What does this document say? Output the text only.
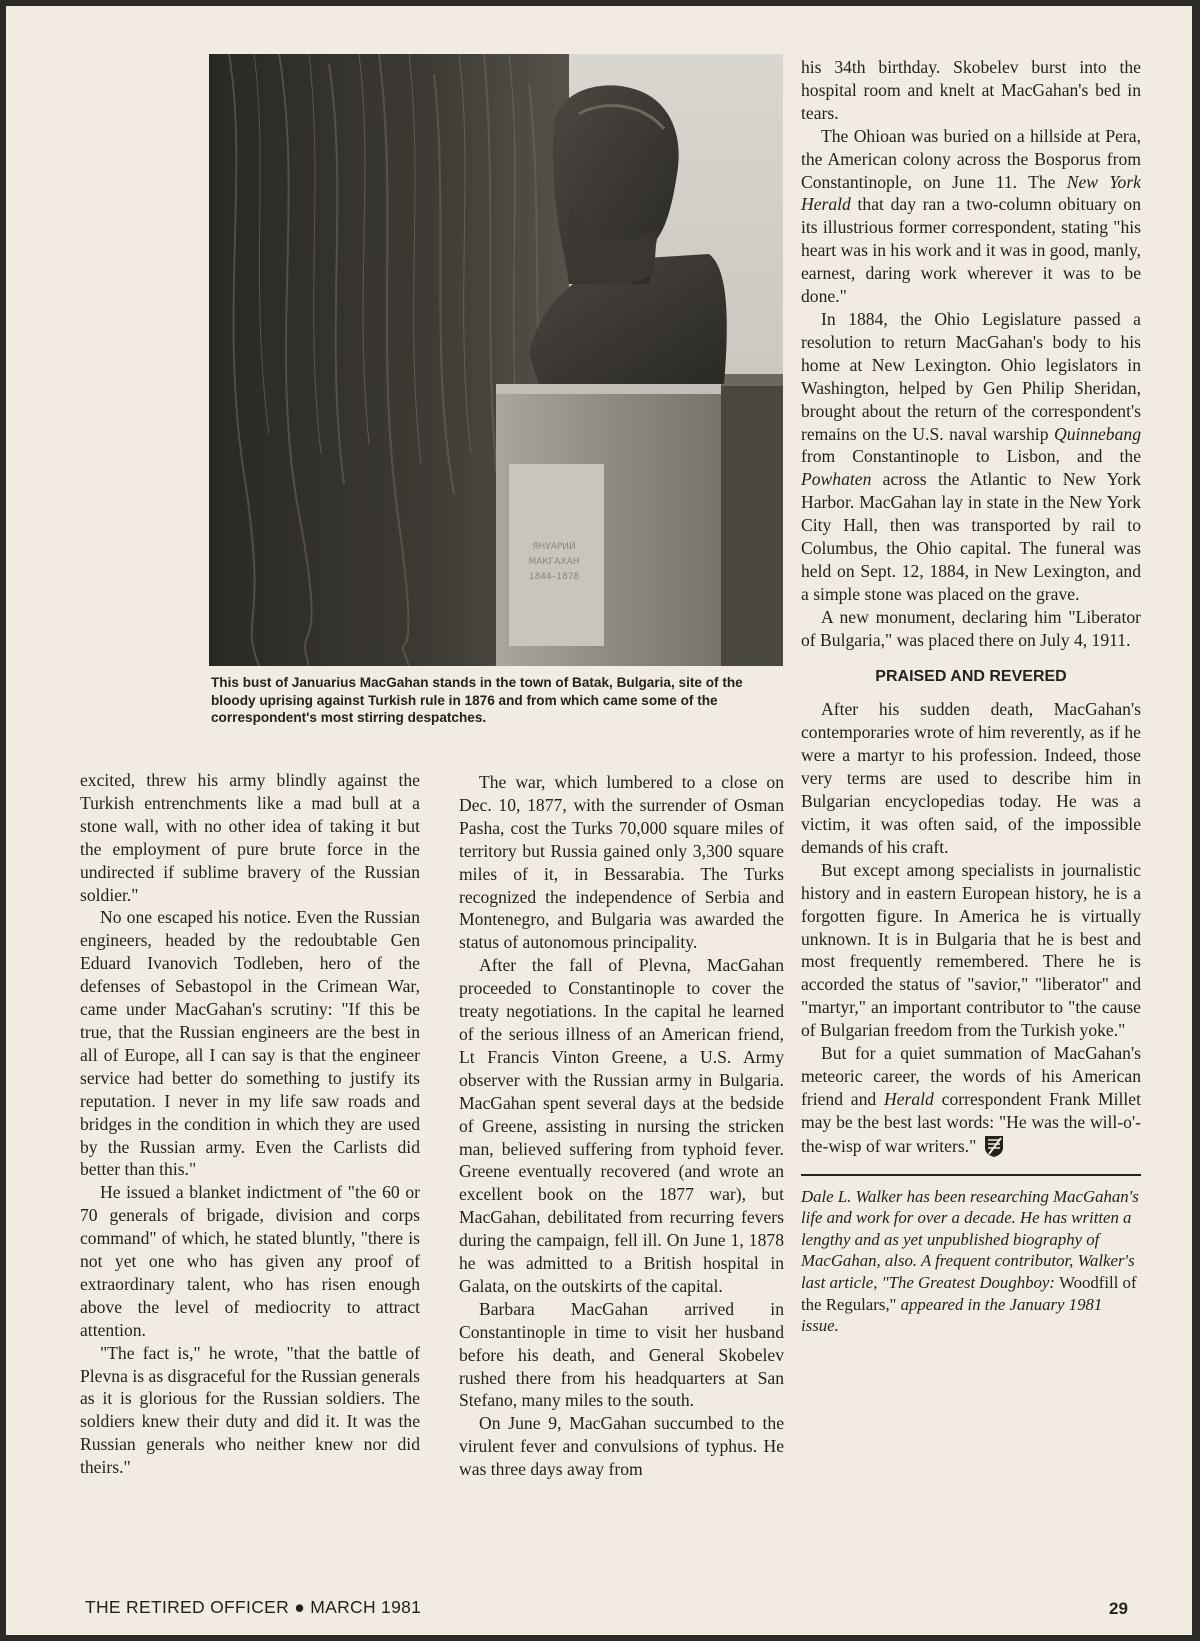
ЯНУАРИЙ
МАКГАХАН
1844–1878
This bust of Januarius MacGahan stands in the town of Batak, Bulgaria, site of the bloody uprising against Turkish rule in 1876 and from which came some of the correspondent's most stirring despatches.

excited, threw his army blindly against the Turkish entrenchments like a mad bull at a stone wall, with no other idea of taking it but the employment of pure brute force in the undirected if sublime bravery of the Russian soldier."

No one escaped his notice. Even the Russian engineers, headed by the redoubtable Gen Eduard Ivanovich Todleben, hero of the defenses of Sebastopol in the Crimean War, came under MacGahan's scrutiny: "If this be true, that the Russian engineers are the best in all of Europe, all I can say is that the engineer service had better do something to justify its reputation. I never in my life saw roads and bridges in the condition in which they are used by the Russian army. Even the Carlists did better than this."

He issued a blanket indictment of "the 60 or 70 generals of brigade, division and corps command" of which, he stated bluntly, "there is not yet one who has given any proof of extraordinary talent, who has risen enough above the level of mediocrity to attract attention.

"The fact is," he wrote, "that the battle of Plevna is as disgraceful for the Russian generals as it is glorious for the Russian soldiers. The soldiers knew their duty and did it. It was the Russian generals who neither knew nor did theirs."

The war, which lumbered to a close on Dec. 10, 1877, with the surrender of Osman Pasha, cost the Turks 70,000 square miles of territory but Russia gained only 3,300 square miles of it, in Bessarabia. The Turks recognized the independence of Serbia and Montenegro, and Bulgaria was awarded the status of autonomous principality.

After the fall of Plevna, MacGahan proceeded to Constantinople to cover the treaty negotiations. In the capital he learned of the serious illness of an American friend, Lt Francis Vinton Greene, a U.S. Army observer with the Russian army in Bulgaria. MacGahan spent several days at the bedside of Greene, assisting in nursing the stricken man, believed suffering from typhoid fever. Greene eventually recovered (and wrote an excellent book on the 1877 war), but MacGahan, debilitated from recurring fevers during the campaign, fell ill. On June 1, 1878 he was admitted to a British hospital in Galata, on the outskirts of the capital.

Barbara MacGahan arrived in Constantinople in time to visit her husband before his death, and General Skobelev rushed there from his headquarters at San Stefano, many miles to the south.

On June 9, MacGahan succumbed to the virulent fever and convulsions of typhus. He was three days away from

his 34th birthday. Skobelev burst into the hospital room and knelt at MacGahan's bed in tears.

The Ohioan was buried on a hillside at Pera, the American colony across the Bosporus from Constantinople, on June 11. The New York Herald that day ran a two-column obituary on its illustrious former correspondent, stating "his heart was in his work and it was in good, manly, earnest, daring work wherever it was to be done."

In 1884, the Ohio Legislature passed a resolution to return MacGahan's body to his home at New Lexington. Ohio legislators in Washington, helped by Gen Philip Sheridan, brought about the return of the correspondent's remains on the U.S. naval warship Quinnebang from Constantinople to Lisbon, and the Powhaten across the Atlantic to New York Harbor. MacGahan lay in state in the New York City Hall, then was transported by rail to Columbus, the Ohio capital. The funeral was held on Sept. 12, 1884, in New Lexington, and a simple stone was placed on the grave.

A new monument, declaring him "Liberator of Bulgaria," was placed there on July 4, 1911.

PRAISED AND REVERED

After his sudden death, MacGahan's contemporaries wrote of him reverently, as if he were a martyr to his profession. Indeed, those very terms are used to describe him in Bulgarian encyclopedias today. He was a victim, it was often said, of the impossible demands of his craft.

But except among specialists in journalistic history and in eastern European history, he is a forgotten figure. In America he is virtually unknown. It is in Bulgaria that he is best and most frequently remembered. There he is accorded the status of "savior," "liberator" and "martyr," an important contributor to "the cause of Bulgarian freedom from the Turkish yoke."

But for a quiet summation of MacGahan's meteoric career, the words of his American friend and Herald correspondent Frank Millet may be the best last words: "He was the will-o'-the-wisp of war writers."

Dale L. Walker has been researching MacGahan's life and work for over a decade. He has written a lengthy and as yet unpublished biography of MacGahan, also. A frequent contributor, Walker's last article, "The Greatest Doughboy: Woodfill of the Regulars," appeared in the January 1981 issue.

THE RETIRED OFFICER ● MARCH 1981	29
